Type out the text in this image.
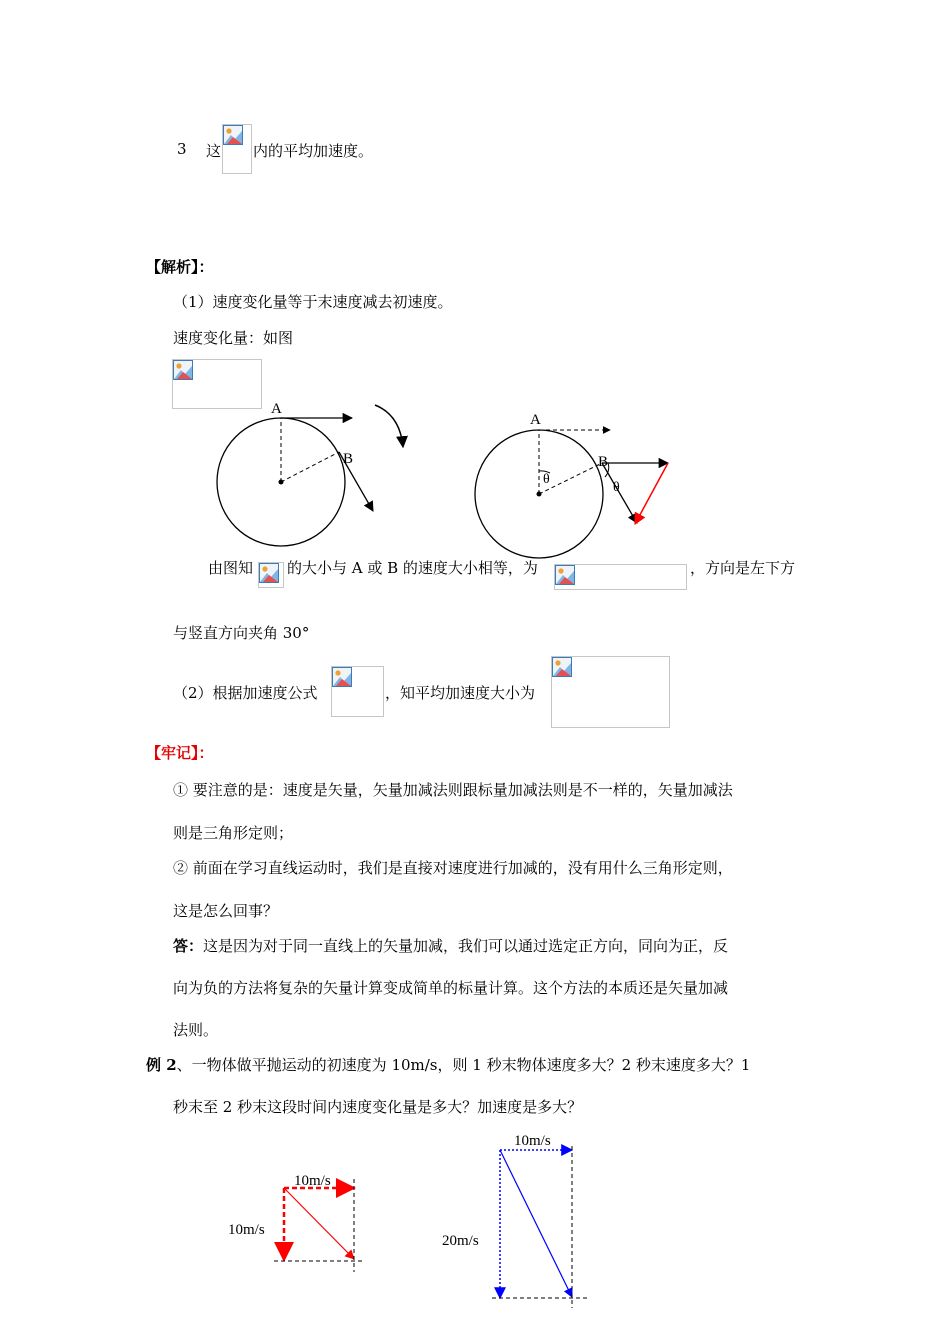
3 这 内的平均加速度。
【解析】：
（1）速度变化量等于末速度减去初速度。
速度变化量：如图
A
B
A
B
θ
θ
由图知 的大小与 A 或 B 的速度大小相等，为	，方向是左下方
与竖直方向夹角 30°
（2）根据加速度公式	，知平均加速度大小为
【牢记】：
① 要注意的是：速度是矢量，矢量加减法则跟标量加减法则是不一样的，矢量加减法
则是三角形定则；
② 前面在学习直线运动时，我们是直接对速度进行加减的，没有用什么三角形定则，
这是怎么回事？
答：这是因为对于同一直线上的矢量加减，我们可以通过选定正方向，同向为正，反
向为负的方法将复杂的矢量计算变成简单的标量计算。这个方法的本质还是矢量加减
法则。
例 2、一物体做平抛运动的初速度为 10m/s，则 1 秒末物体速度多大？2 秒末速度多大？1
秒末至 2 秒末这段时间内速度变化量是多大？加速度是多大？
10m/s
10m/s
10m/s
20m/s
